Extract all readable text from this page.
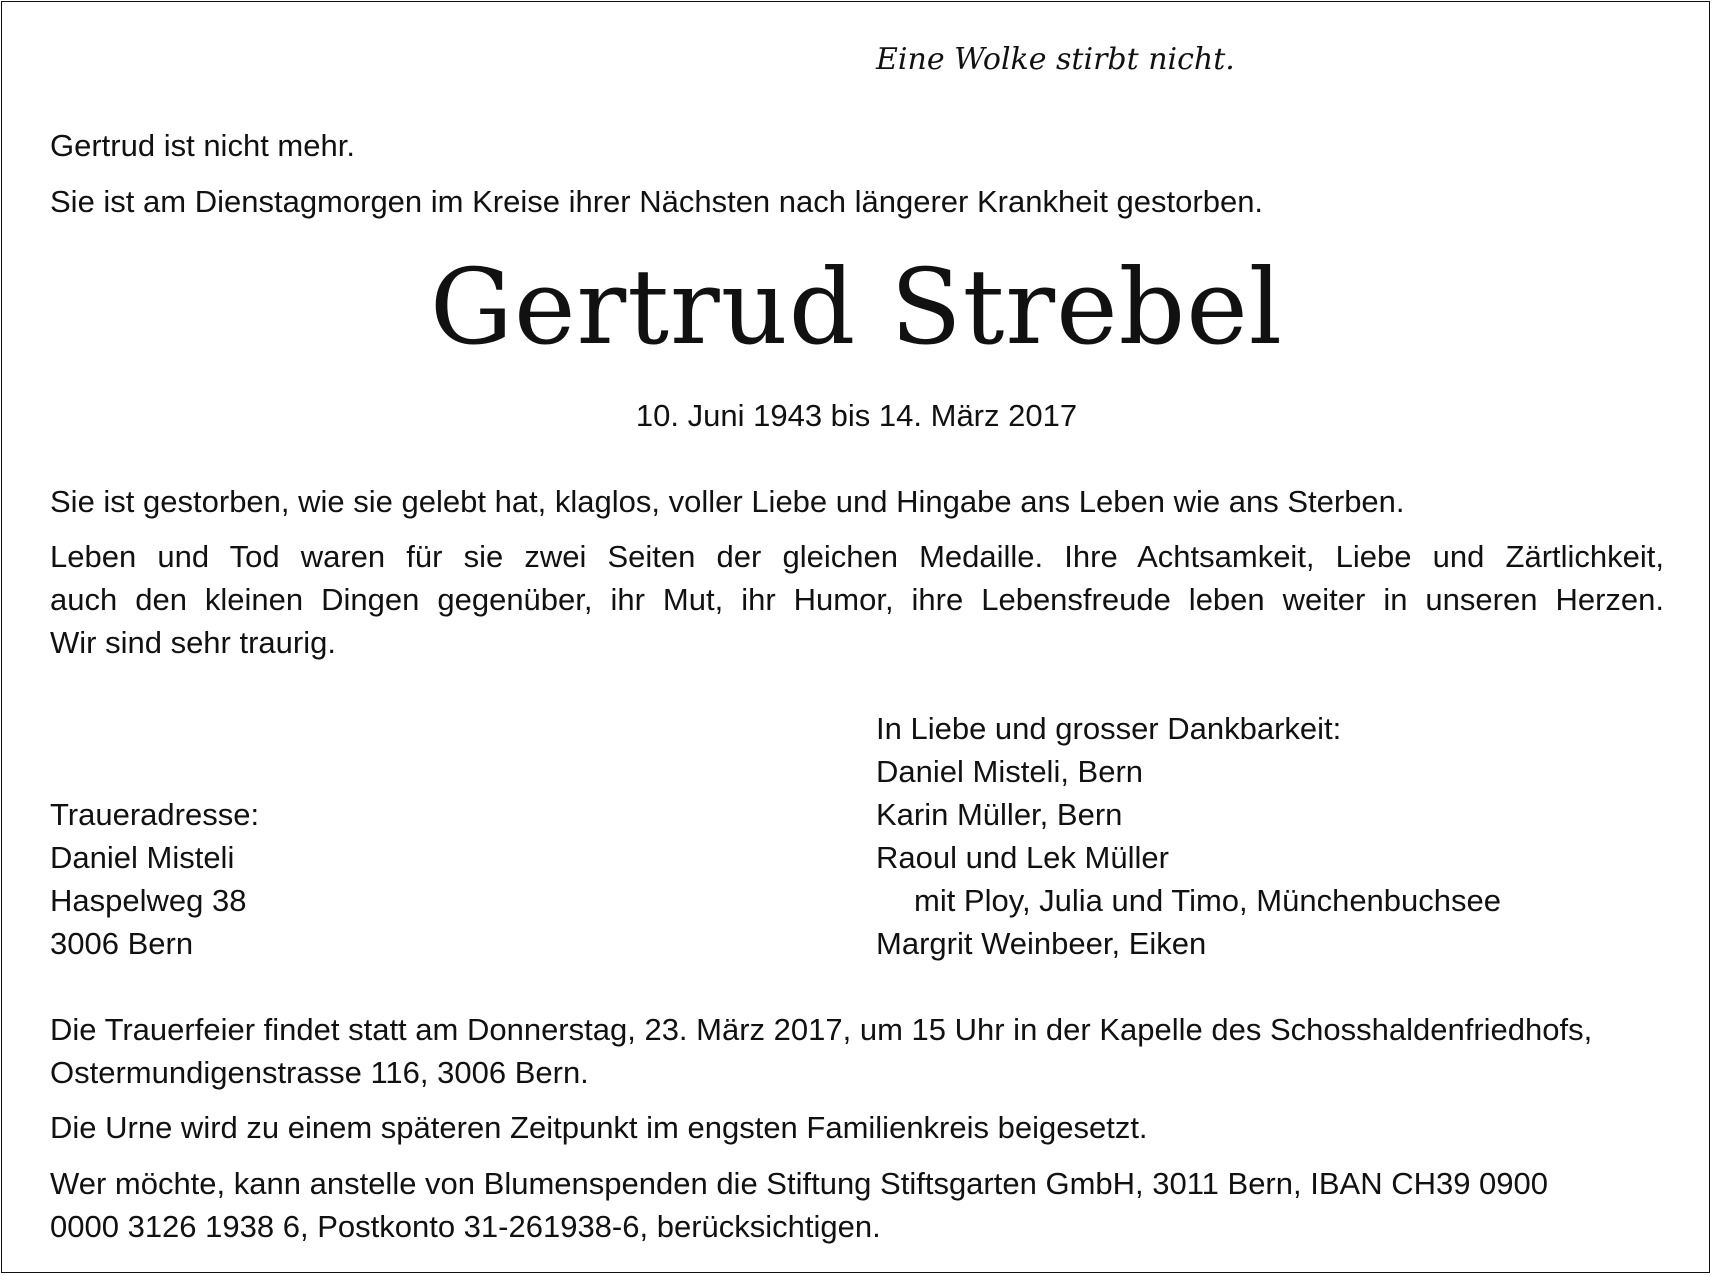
Eine Wolke stirbt nicht.
Gertrud ist nicht mehr.
Sie ist am Dienstagmorgen im Kreise ihrer Nächsten nach längerer Krankheit gestorben.
Gertrud Strebel
10. Juni 1943 bis 14. März 2017
Sie ist gestorben, wie sie gelebt hat, klaglos, voller Liebe und Hingabe ans Leben wie ans Sterben.
Leben und Tod waren für sie zwei Seiten der gleichen Medaille. Ihre Achtsamkeit, Liebe und Zärtlichkeit,
auch den kleinen Dingen gegenüber, ihr Mut, ihr Humor, ihre Lebensfreude leben weiter in unseren Herzen.
Wir sind sehr traurig.
In Liebe und grosser Dankbarkeit:
Daniel Misteli, Bern
Karin Müller, Bern
Raoul und Lek Müller
mit Ploy, Julia und Timo, Münchenbuchsee
Margrit Weinbeer, Eiken
Traueradresse:
Daniel Misteli
Haspelweg 38
3006 Bern
Die Trauerfeier findet statt am Donnerstag, 23. März 2017, um 15 Uhr in der Kapelle des Schosshaldenfriedhofs,
Ostermundigenstrasse 116, 3006 Bern.
Die Urne wird zu einem späteren Zeitpunkt im engsten Familienkreis beigesetzt.
Wer möchte, kann anstelle von Blumenspenden die Stiftung Stiftsgarten GmbH, 3011 Bern, IBAN CH39 0900
0000 3126 1938 6, Postkonto 31-261938-6, berücksichtigen.
